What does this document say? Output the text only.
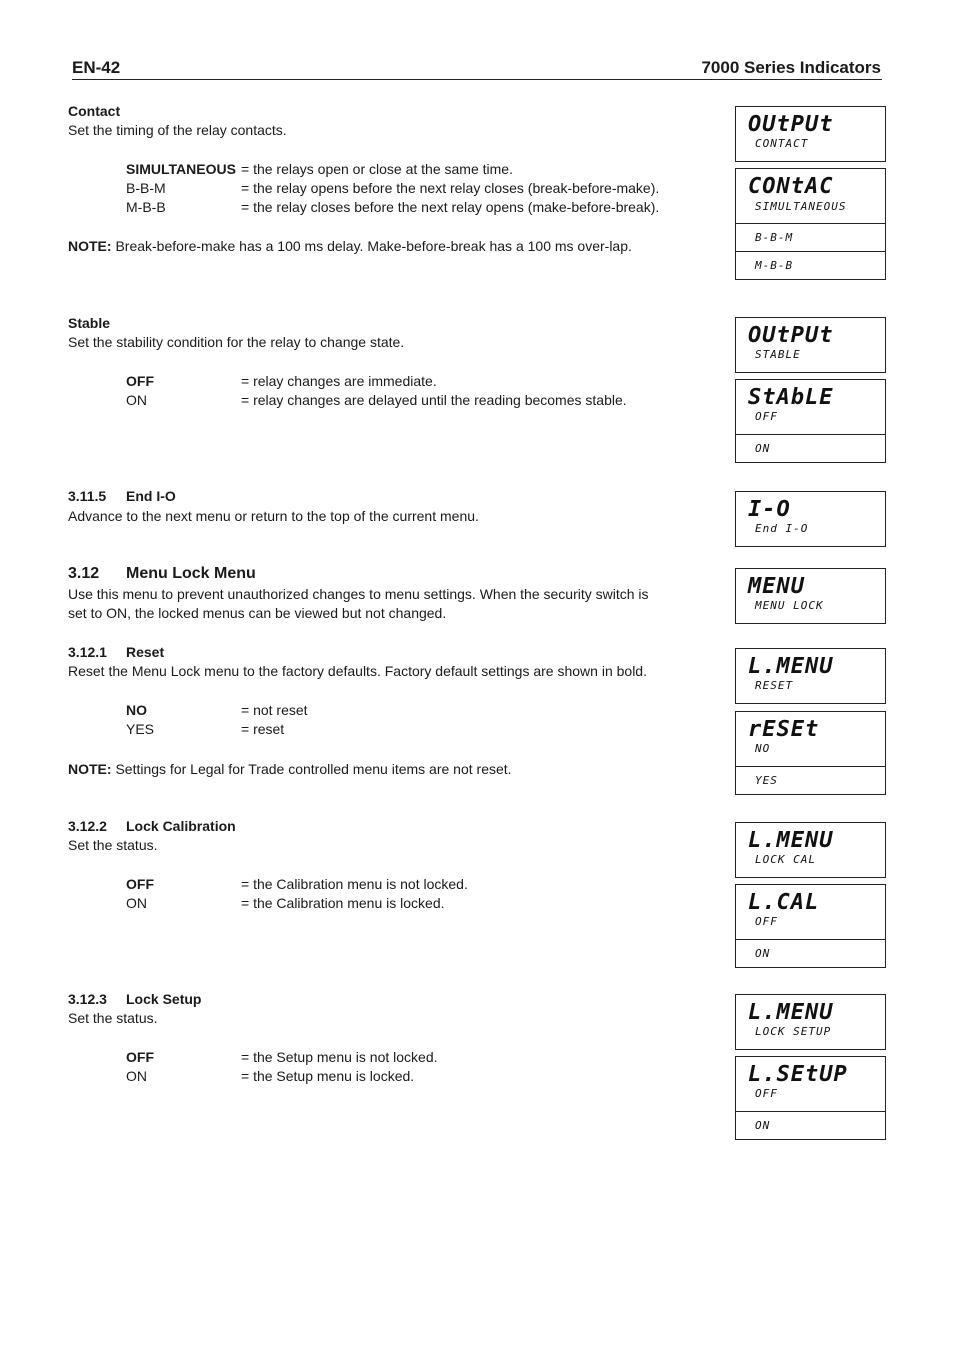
EN-42	7000 Series Indicators
Contact
Set the timing of the relay contacts.
SIMULTANEOUS = the relays open or close at the same time.
B-B-M	= the relay opens before the next relay closes (break-before-make).
M-B-B	= the relay closes before the next relay opens (make-before-break).
NOTE: Break-before-make has a 100 ms delay. Make-before-break has a 100 ms over-lap.
Stable
Set the stability condition for the relay to change state.
OFF	= relay changes are immediate.
ON	= relay changes are delayed until the reading becomes stable.
3.11.5 End I-O
Advance to the next menu or return to the top of the current menu.
3.12 Menu Lock Menu
Use this menu to prevent unauthorized changes to menu settings. When the security switch is set to ON, the locked menus can be viewed but not changed.
3.12.1 Reset
Reset the Menu Lock menu to the factory defaults. Factory default settings are shown in bold.
NO	= not reset
YES	= reset
NOTE: Settings for Legal for Trade controlled menu items are not reset.
3.12.2 Lock Calibration
Set the status.
OFF	= the Calibration menu is not locked.
ON	= the Calibration menu is locked.
3.12.3 Lock Setup
Set the status.
OFF	= the Setup menu is not locked.
ON	= the Setup menu is locked.
OUtPUt
CONTACT
CONtAC
SIMULTANEOUS
B-B-M
M-B-B
OUtPUt
STABLE
StAbLE
OFF
ON
I-O
End I-O
MENU
MENU LOCK
L.MENU
RESET
rESEt
NO
YES
L.MENU
LOCK CAL
L.CAL
OFF
ON
L.MENU
LOCK SETUP
L.SEtUP
OFF
ON
